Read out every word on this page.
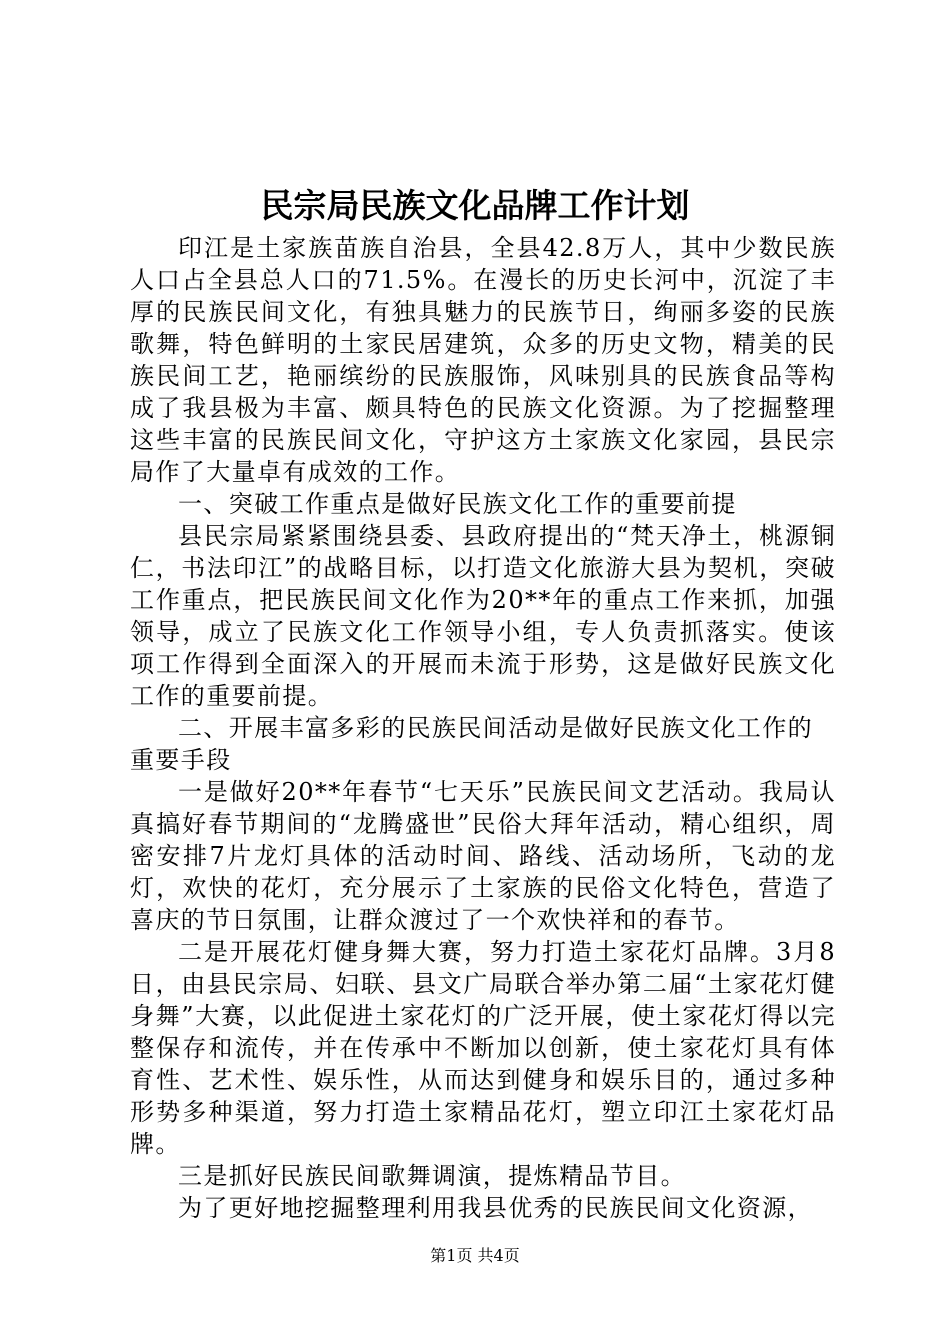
民宗局民族文化品牌工作计划

印江是土家族苗族自治县，全县42.8万人，其中少数民族人口占全县总人口的71.5%。在漫长的历史长河中，沉淀了丰厚的民族民间文化，有独具魅力的民族节日，绚丽多姿的民族歌舞，特色鲜明的土家民居建筑，众多的历史文物，精美的民族民间工艺，艳丽缤纷的民族服饰，风味别具的民族食品等构成了我县极为丰富、颇具特色的民族文化资源。为了挖掘整理这些丰富的民族民间文化，守护这方土家族文化家园，县民宗局作了大量卓有成效的工作。

一、突破工作重点是做好民族文化工作的重要前提

县民宗局紧紧围绕县委、县政府提出的“梵天净土，桃源铜仁，书法印江”的战略目标，以打造文化旅游大县为契机，突破工作重点，把民族民间文化作为20**年的重点工作来抓，加强领导，成立了民族文化工作领导小组，专人负责抓落实。使该项工作得到全面深入的开展而未流于形势，这是做好民族文化工作的重要前提。

二、开展丰富多彩的民族民间活动是做好民族文化工作的重要手段

一是做好20**年春节“七天乐”民族民间文艺活动。我局认真搞好春节期间的“龙腾盛世”民俗大拜年活动，精心组织，周密安排7片龙灯具体的活动时间、路线、活动场所，飞动的龙灯，欢快的花灯，充分展示了土家族的民俗文化特色，营造了喜庆的节日氛围，让群众渡过了一个欢快祥和的春节。

二是开展花灯健身舞大赛，努力打造土家花灯品牌。3月8日，由县民宗局、妇联、县文广局联合举办第二届“土家花灯健身舞”大赛，以此促进土家花灯的广泛开展，使土家花灯得以完整保存和流传，并在传承中不断加以创新，使土家花灯具有体育性、艺术性、娱乐性，从而达到健身和娱乐目的，通过多种形势多种渠道，努力打造土家精品花灯，塑立印江土家花灯品牌。

三是抓好民族民间歌舞调演，提炼精品节目。

为了更好地挖掘整理利用我县优秀的民族民间文化资源，

第1页 共4页
